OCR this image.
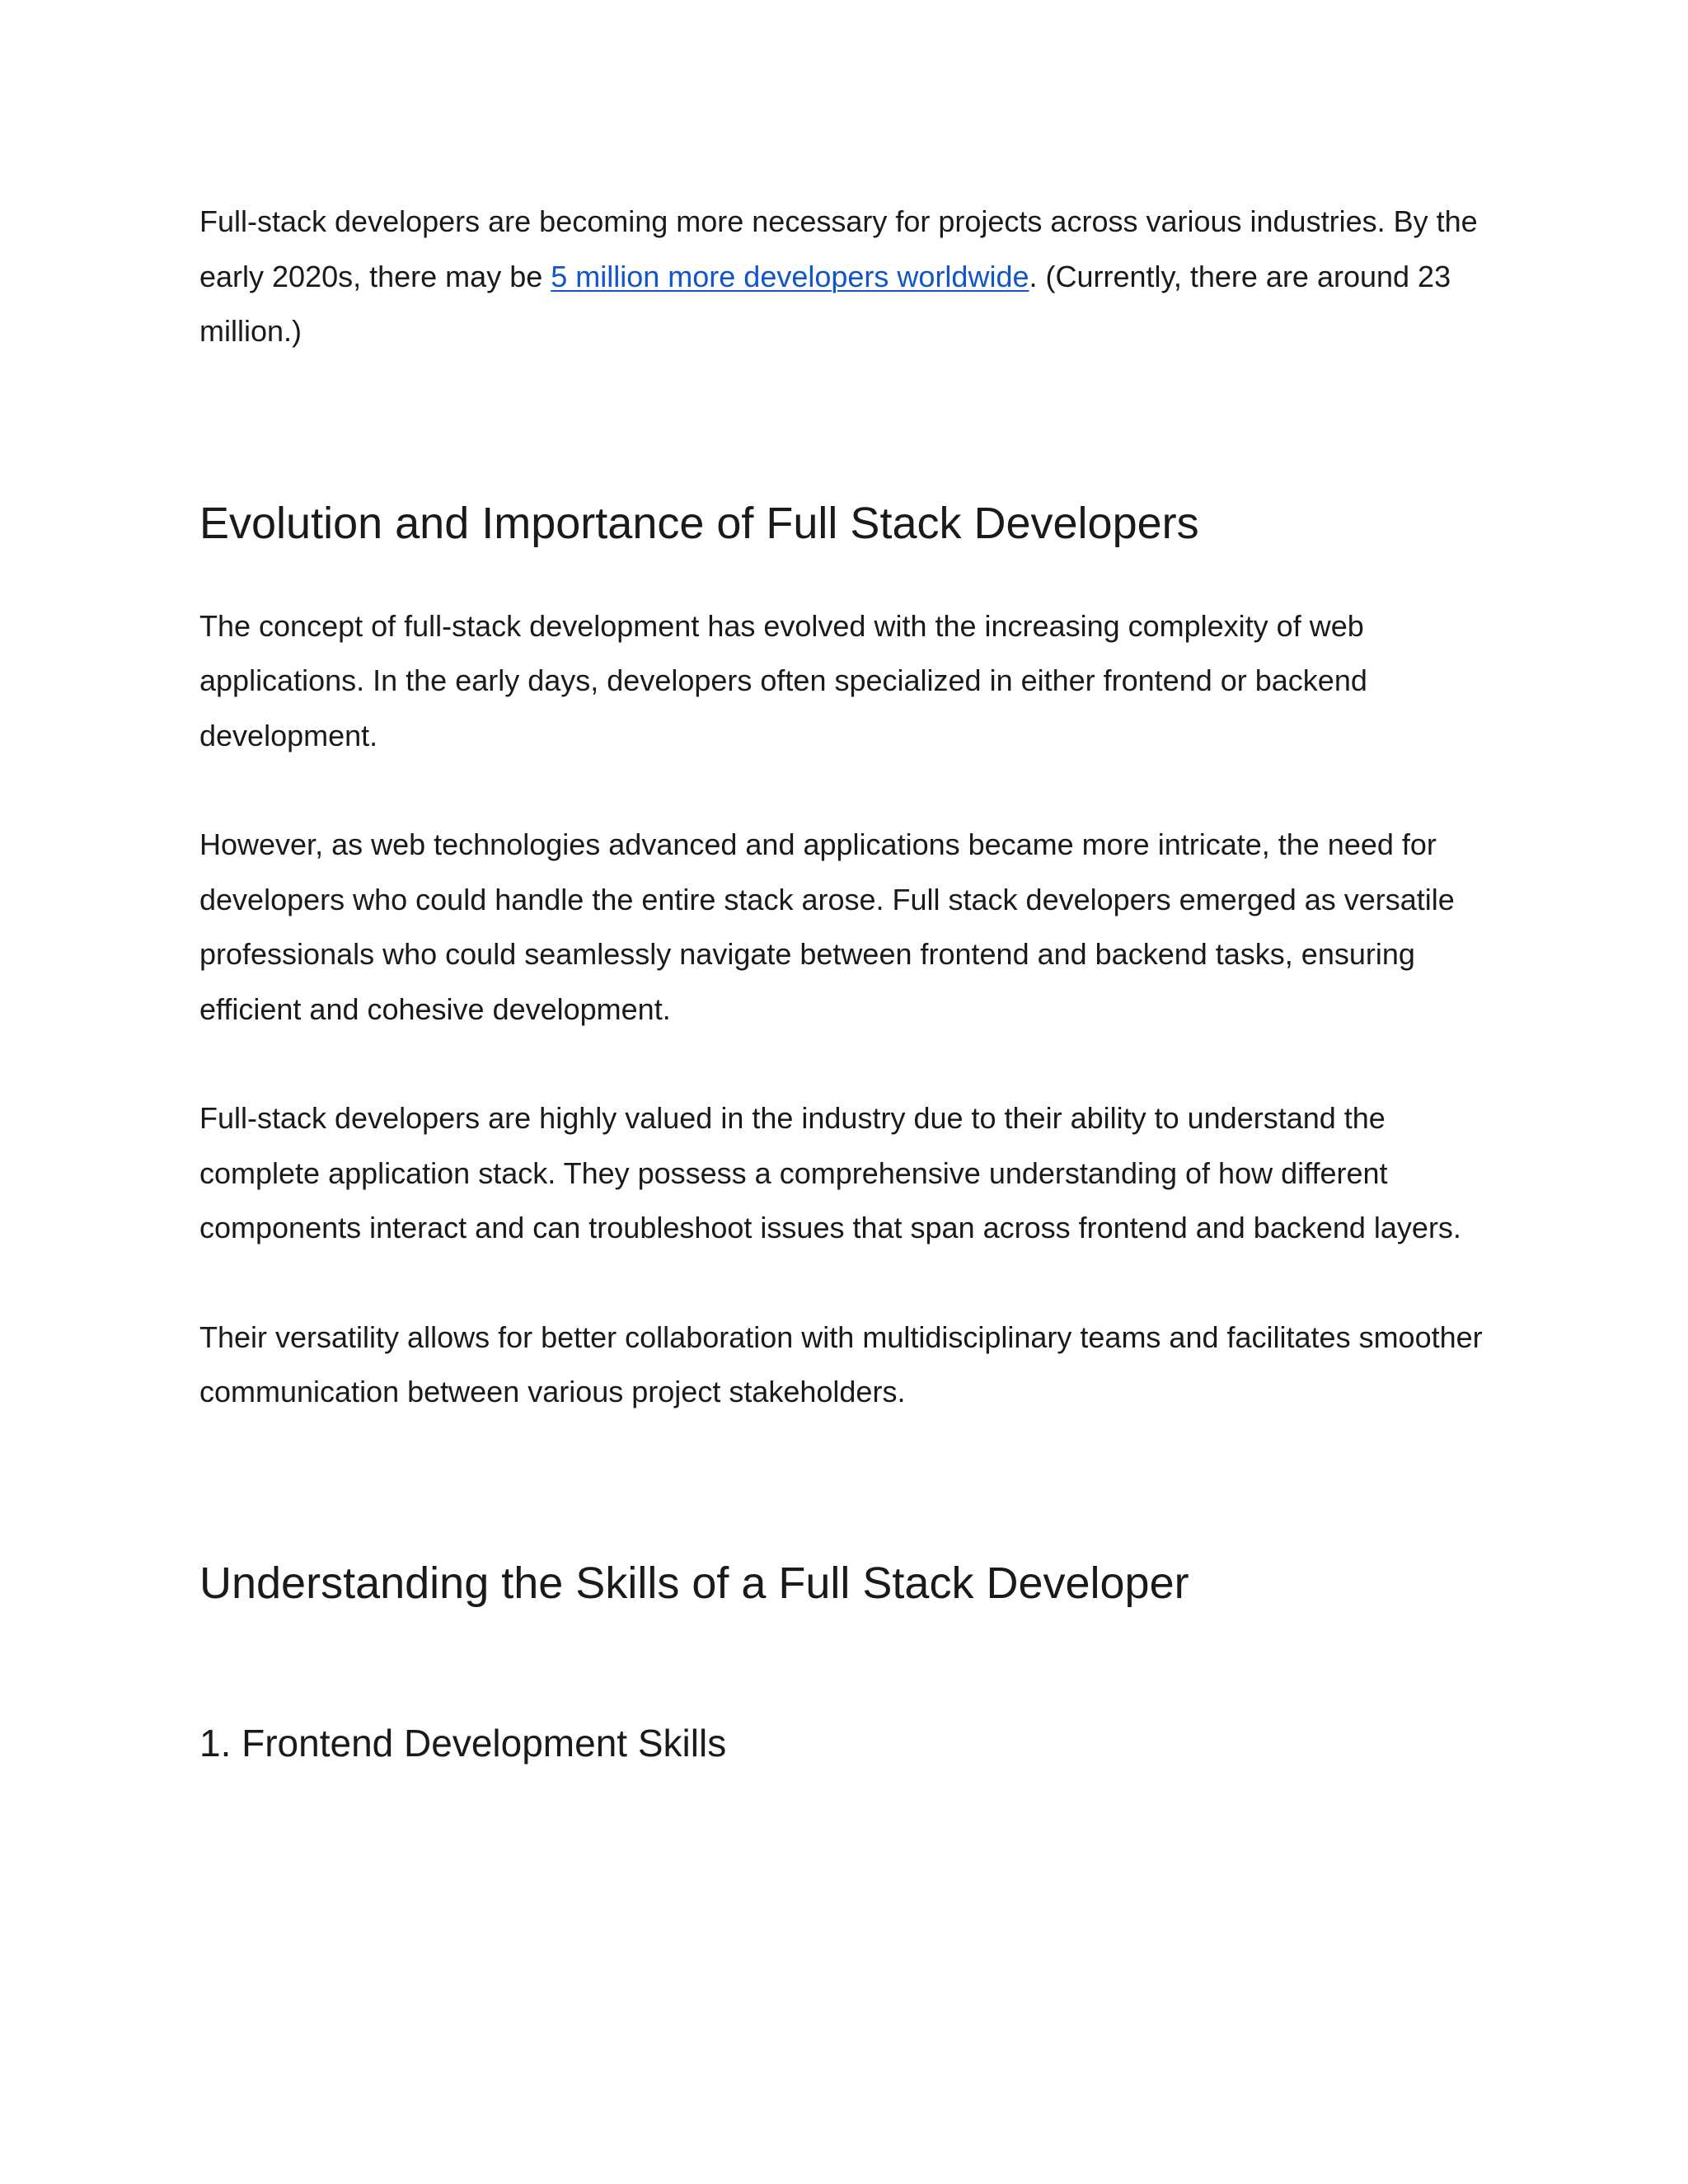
Full-stack developers are becoming more necessary for projects across various industries. By the early 2020s, there may be 5 million more developers worldwide. (Currently, there are around 23 million.)

Evolution and Importance of Full Stack Developers

The concept of full-stack development has evolved with the increasing complexity of web applications. In the early days, developers often specialized in either frontend or backend development.

However, as web technologies advanced and applications became more intricate, the need for developers who could handle the entire stack arose. Full stack developers emerged as versatile professionals who could seamlessly navigate between frontend and backend tasks, ensuring efficient and cohesive development.

Full-stack developers are highly valued in the industry due to their ability to understand the complete application stack. They possess a comprehensive understanding of how different components interact and can troubleshoot issues that span across frontend and backend layers.

Their versatility allows for better collaboration with multidisciplinary teams and facilitates smoother communication between various project stakeholders.

Understanding the Skills of a Full Stack Developer
1. Frontend Development Skills
